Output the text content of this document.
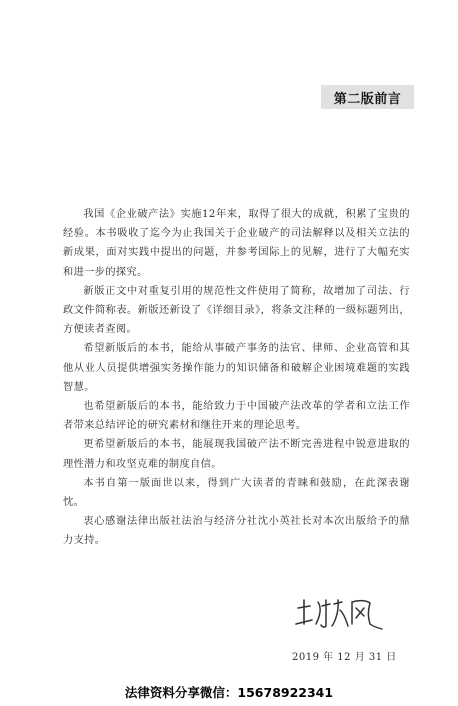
第二版前言

我国《企业破产法》实施12年来，取得了很大的成就，积累了宝贵的经验。本书吸收了迄今为止我国关于企业破产的司法解释以及相关立法的新成果，面对实践中提出的问题，并参考国际上的见解，进行了大幅充实和进一步的探究。

新版正文中对重复引用的规范性文件使用了简称，故增加了司法、行政文件简称表。新版还新设了《详细目录》，将条文注释的一级标题列出，方便读者查阅。

希望新版后的本书，能给从事破产事务的法官、律师、企业高管和其他从业人员提供增强实务操作能力的知识储备和破解企业困境难题的实践智慧。

也希望新版后的本书，能给致力于中国破产法改革的学者和立法工作者带来总结评论的研究素材和继往开来的理论思考。

更希望新版后的本书，能展现我国破产法不断完善进程中锐意进取的理性潜力和攻坚克难的制度自信。

本书自第一版面世以来，得到广大读者的青睐和鼓励，在此深表谢忱。

衷心感谢法律出版社法治与经济分社沈小英社长对本次出版给予的鼎力支持。

2019 年 12 月 31 日
法律资料分享微信：15678922341
